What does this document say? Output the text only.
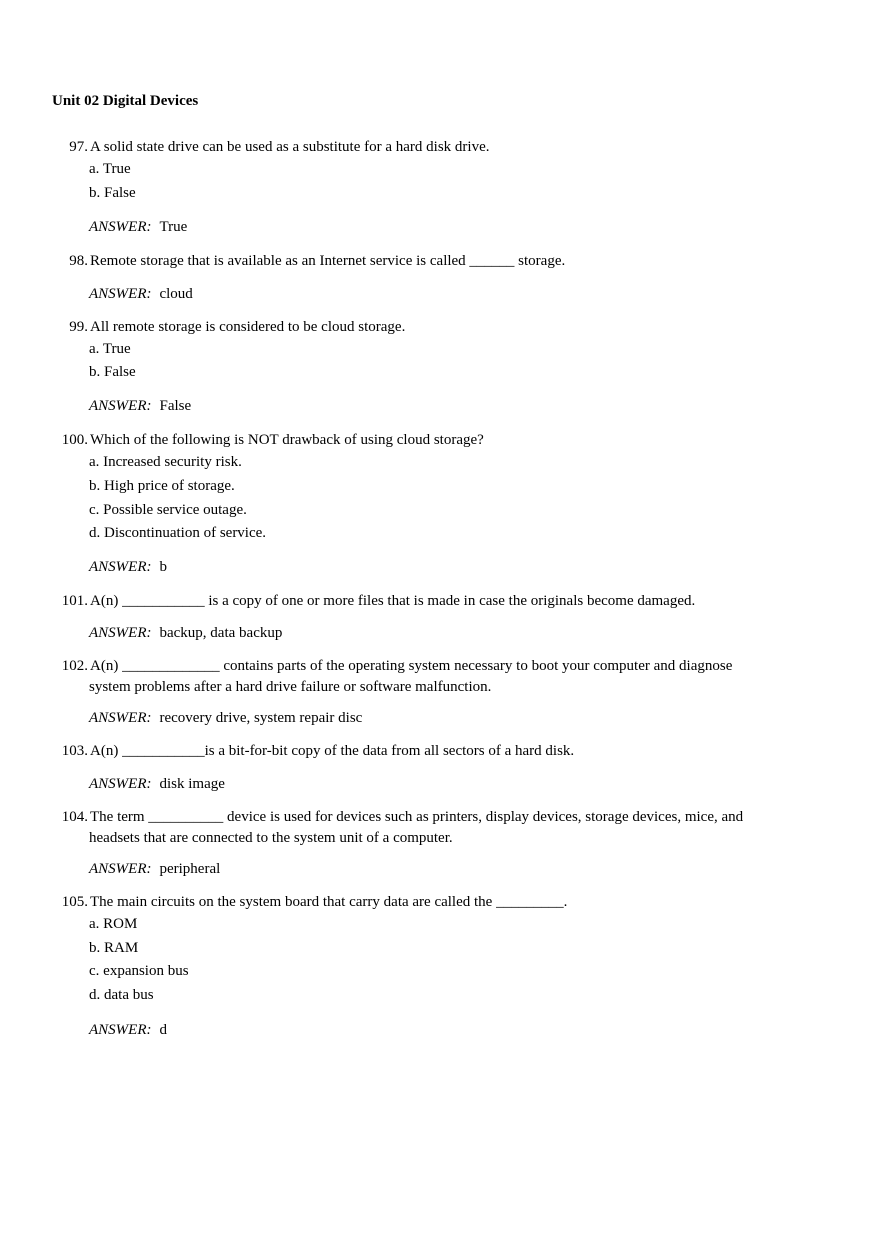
Unit 02 Digital Devices
97. A solid state drive can be used as a substitute for a hard disk drive.
a. True
b. False
ANSWER: True
98. Remote storage that is available as an Internet service is called ______ storage.
ANSWER: cloud
99. All remote storage is considered to be cloud storage.
a. True
b. False
ANSWER: False
100. Which of the following is NOT drawback of using cloud storage?
a. Increased security risk.
b. High price of storage.
c. Possible service outage.
d. Discontinuation of service.
ANSWER: b
101. A(n) ___________ is a copy of one or more files that is made in case the originals become damaged.
ANSWER: backup, data backup
102. A(n) _____________ contains parts of the operating system necessary to boot your computer and diagnose
system problems after a hard drive failure or software malfunction.
ANSWER: recovery drive, system repair disc
103. A(n) ___________is a bit-for-bit copy of the data from all sectors of a hard disk.
ANSWER: disk image
104. The term __________ device is used for devices such as printers, display devices, storage devices, mice, and
headsets that are connected to the system unit of a computer.
ANSWER: peripheral
105. The main circuits on the system board that carry data are called the _________.
a. ROM
b. RAM
c. expansion bus
d. data bus
ANSWER: d
